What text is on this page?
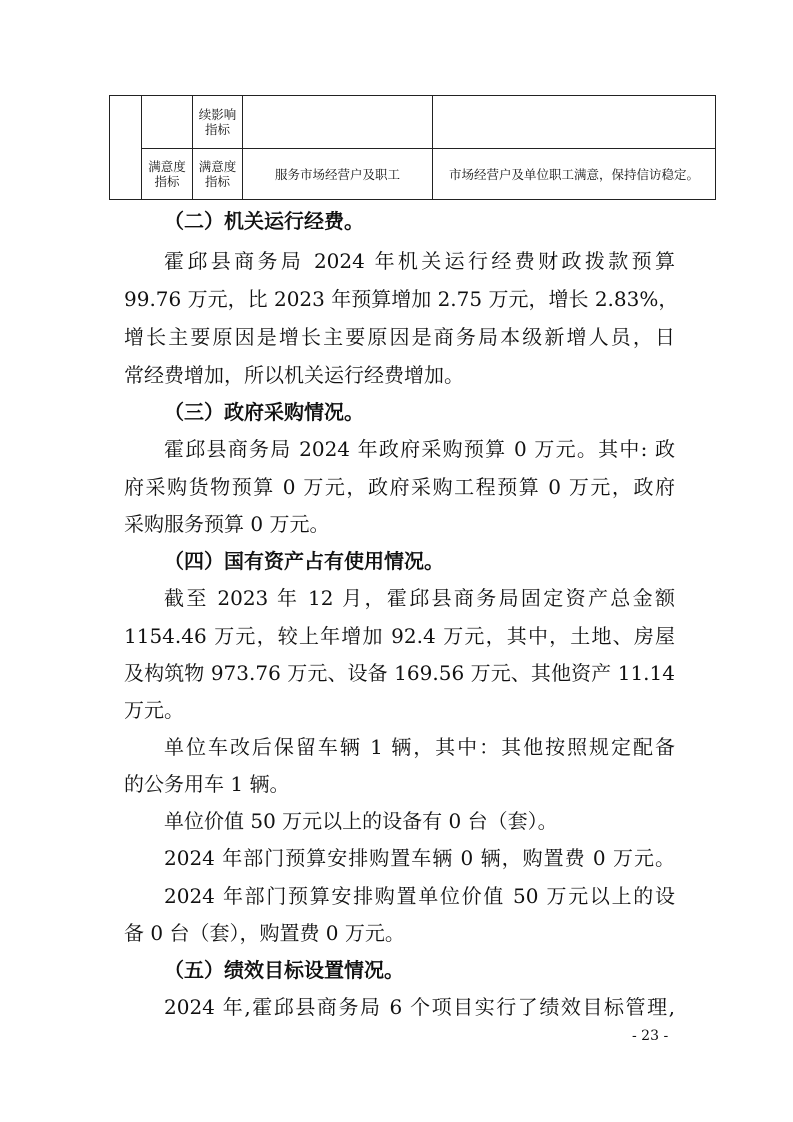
		续影响指标		
	满意度指标	满意度指标	服务市场经营户及职工	市场经营户及单位职工满意，保持信访稳定。
（二）机关运行经费。
霍邱县商务局 2024 年机关运行经费财政拨款预算
99.76 万元，比 2023 年预算增加 2.75 万元，增长 2.83%，
增长主要原因是增长主要原因是商务局本级新增人员，日
常经费增加，所以机关运行经费增加。
（三）政府采购情况。
霍邱县商务局 2024 年政府采购预算 0 万元。其中: 政
府采购货物预算 0 万元，政府采购工程预算 0 万元，政府
采购服务预算 0 万元。
（四）国有资产占有使用情况。
截至 2023 年 12 月，霍邱县商务局固定资产总金额
1154.46 万元，较上年增加 92.4 万元，其中，土地、房屋
及构筑物 973.76 万元、设备 169.56 万元、其他资产 11.14
万元。
单位车改后保留车辆 1 辆，其中：其他按照规定配备
的公务用车 1 辆。
单位价值 50 万元以上的设备有 0 台（套）。
2024 年部门预算安排购置车辆 0 辆，购置费 0 万元。
2024 年部门预算安排购置单位价值 50 万元以上的设
备 0 台（套），购置费 0 万元。
（五）绩效目标设置情况。
2024 年,霍邱县商务局 6 个项目实行了绩效目标管理,
- 23 -
